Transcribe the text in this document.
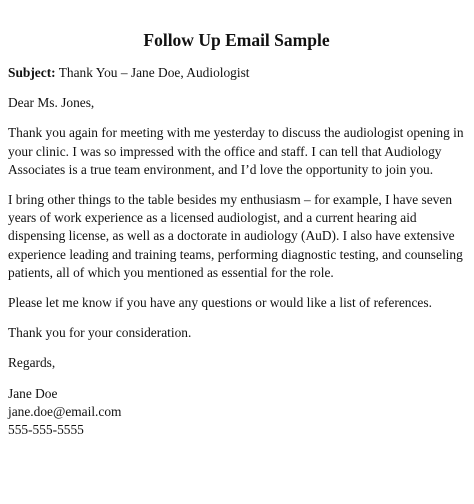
Follow Up Email Sample
Subject: Thank You – Jane Doe, Audiologist
Dear Ms. Jones,
Thank you again for meeting with me yesterday to discuss the audiologist opening in your clinic. I was so impressed with the office and staff. I can tell that Audiology Associates is a true team environment, and I’d love the opportunity to join you.
I bring other things to the table besides my enthusiasm – for example, I have seven years of work experience as a licensed audiologist, and a current hearing aid dispensing license, as well as a doctorate in audiology (AuD). I also have extensive experience leading and training teams, performing diagnostic testing, and counseling patients, all of which you mentioned as essential for the role.
Please let me know if you have any questions or would like a list of references.
Thank you for your consideration.
Regards,
Jane Doe
jane.doe@email.com
555-555-5555
